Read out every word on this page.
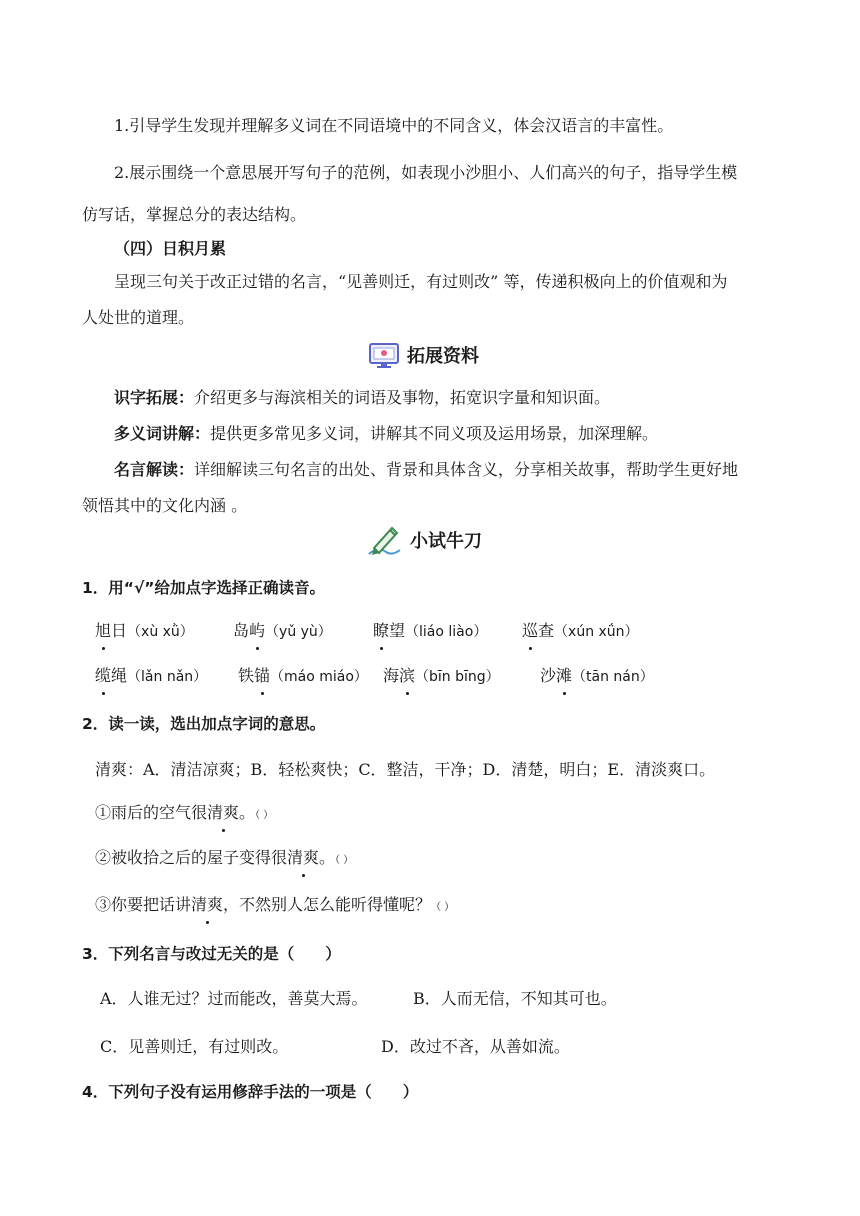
1.引导学生发现并理解多义词在不同语境中的不同含义，体会汉语言的丰富性。
2.展示围绕一个意思展开写句子的范例，如表现小沙胆小、人们高兴的句子，指导学生模
仿写话，掌握总分的表达结构。
（四）日积月累
呈现三句关于改正过错的名言，“见善则迁，有过则改” 等，传递积极向上的价值观和为
人处世的道理。
拓展资料
识字拓展：介绍更多与海滨相关的词语及事物，拓宽识字量和知识面。
多义词讲解：提供更多常见多义词，讲解其不同义项及运用场景，加深理解。
名言解读：详细解读三句名言的出处、背景和具体含义，分享相关故事，帮助学生更好地
领悟其中的文化内涵 。
小试牛刀
1．用“√”给加点字选择正确读音。
旭日（xù xǜ） 岛屿（yǔ yù）	瞭望（liáo liào） 巡查（xún xǘn）
缆绳（lǎn nǎn） 铁锚（máo miáo） 海滨（bīn bīng）	沙滩（tān nán）
2．读一读，选出加点字词的意思。
清爽：A．清洁凉爽；B．轻松爽快；C．整洁，干净；D．清楚，明白；E．清淡爽口。
①雨后的空气很清爽。（ ）
②被收拾之后的屋子变得很清爽。（ ）
③你要把话讲清爽，不然别人怎么能听得懂呢？（ ）
3．下列名言与改过无关的是（　　）
A．人谁无过？过而能改，善莫大焉。	B．人而无信，不知其可也。
C．见善则迁，有过则改。	D．改过不吝，从善如流。
4．下列句子没有运用修辞手法的一项是（　　）
